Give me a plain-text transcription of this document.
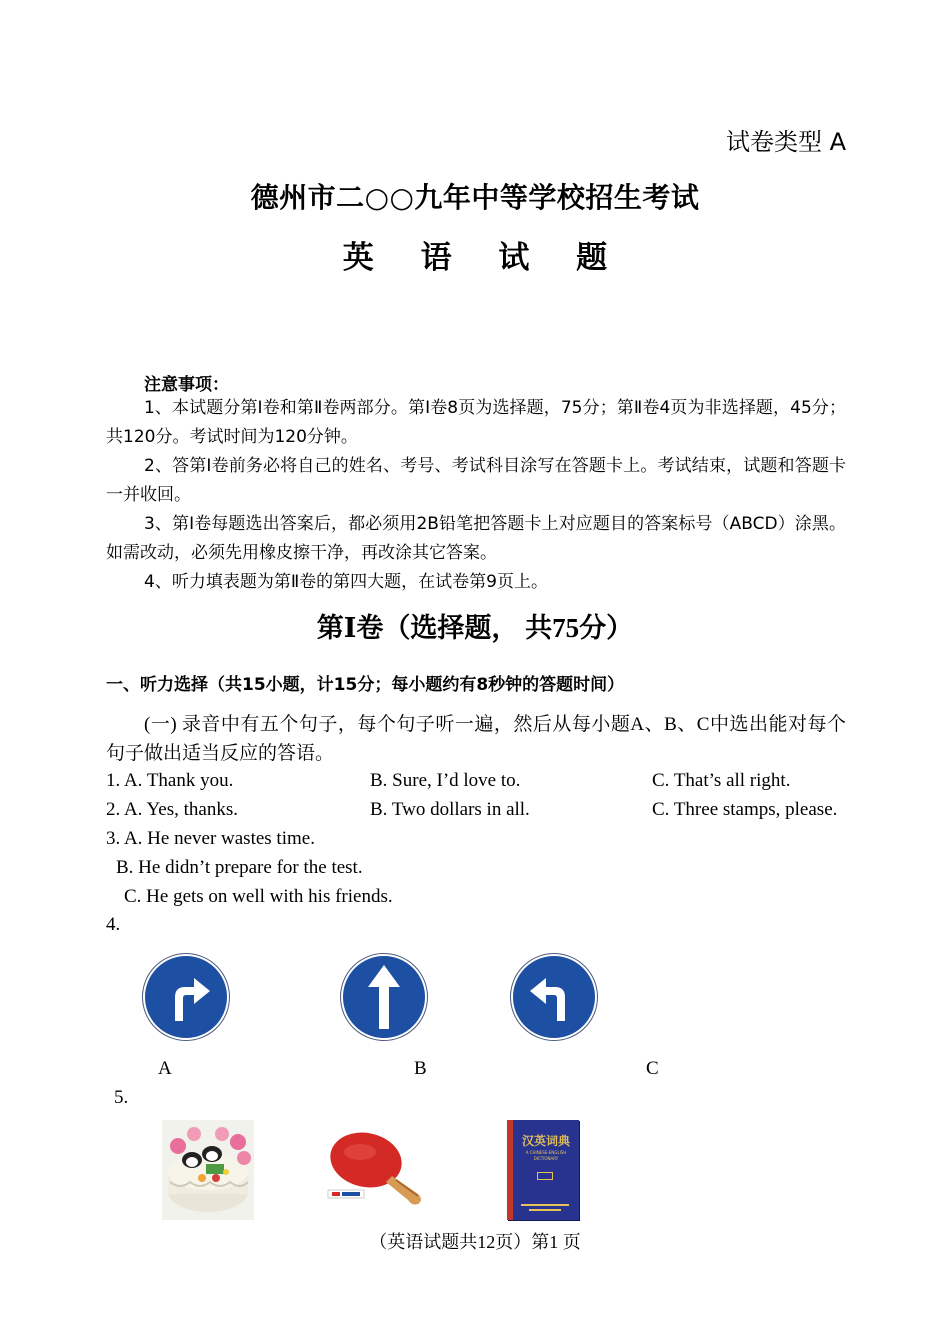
试卷类型 A
德州市二○○九年中等学校招生考试
英 语 试 题
注意事项：
1、本试题分第Ⅰ卷和第Ⅱ卷两部分。第Ⅰ卷8页为选择题，75分；第Ⅱ卷4页为非选择题，45分；共120分。考试时间为120分钟。
2、答第Ⅰ卷前务必将自己的姓名、考号、考试科目涂写在答题卡上。考试结束，试题和答题卡一并收回。
3、第Ⅰ卷每题选出答案后，都必须用2B铅笔把答题卡上对应题目的答案标号（ABCD）涂黑。如需改动，必须先用橡皮擦干净，再改涂其它答案。
4、听力填表题为第Ⅱ卷的第四大题，在试卷第9页上。
第Ⅰ卷（选择题， 共75分）
一、听力选择（共15小题，计15分；每小题约有8秒钟的答题时间）
(一) 录音中有五个句子，每个句子听一遍，然后从每小题A、B、C中选出能对每个句子做出适当反应的答语。
1. A. Thank you.	B. Sure, I’d love to.	C. That’s all right.
2. A. Yes, thanks.	B. Two dollars in all.	C. Three stamps, please.
3. A. He never wastes time.
B. He didn’t prepare for the test.
C. He gets on well with his friends.
4.
A	B	C
5.
汉英词典
A CHINESE-ENGLISH DICTIONARY
（英语试题共12页）第1 页
